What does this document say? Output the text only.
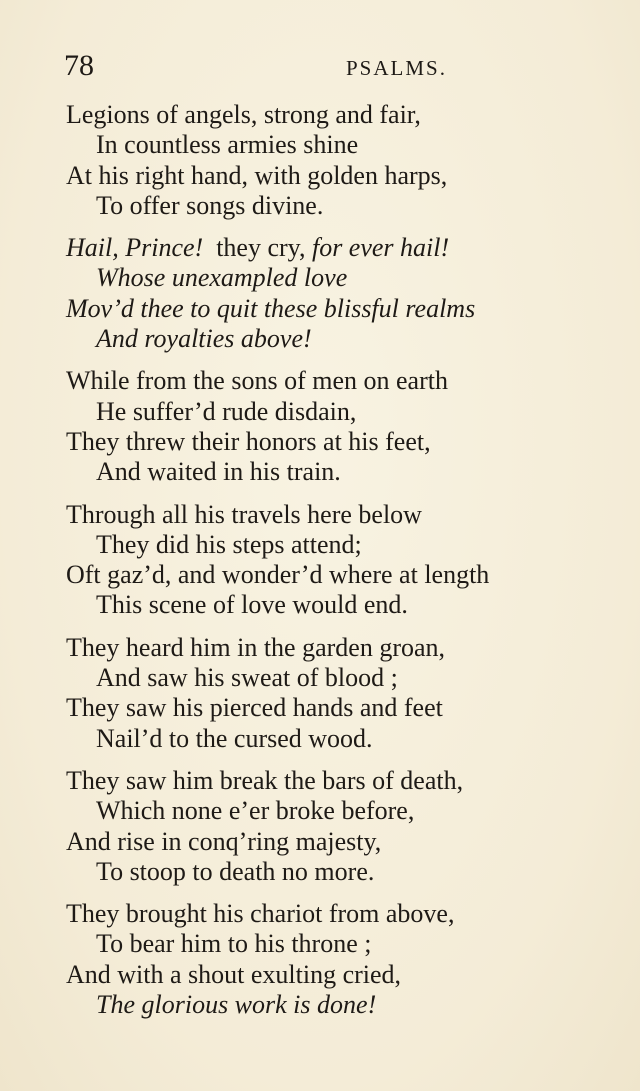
78	PSALMS.
Legions of angels, strong and fair,
In countless armies shine
At his right hand, with golden harps,
To offer songs divine.
Hail, Prince! they cry, for ever hail!
Whose unexampled love
Mov’d thee to quit these blissful realms
And royalties above!
While from the sons of men on earth
He suffer’d rude disdain,
They threw their honors at his feet,
And waited in his train.
Through all his travels here below
They did his steps attend;
Oft gaz’d, and wonder’d where at length
This scene of love would end.
They heard him in the garden groan,
And saw his sweat of blood ;
They saw his pierced hands and feet
Nail’d to the cursed wood.
They saw him break the bars of death,
Which none e’er broke before,
And rise in conq’ring majesty,
To stoop to death no more.
They brought his chariot from above,
To bear him to his throne ;
And with a shout exulting cried,
The glorious work is done!
